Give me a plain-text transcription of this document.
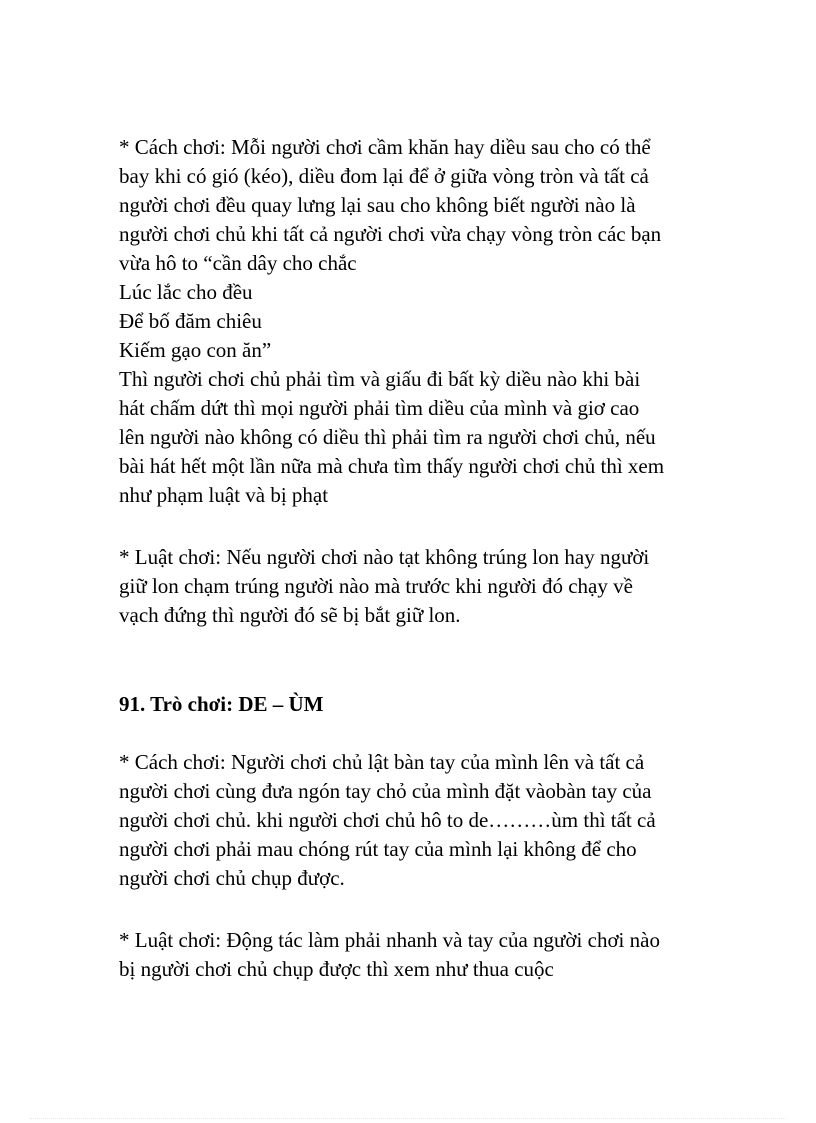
* Cách chơi: Mỗi người chơi cầm khăn hay diều sau cho có thể
bay khi có gió (kéo), diều đom lại để ở giữa vòng tròn và tất cả
người chơi đều quay lưng lại sau cho không biết người nào là
người chơi chủ khi tất cả người chơi vừa chạy vòng tròn các bạn
vừa hô to “cần dây cho chắc
Lúc lắc cho đều
Để bố đăm chiêu
Kiếm gạo con ăn”
Thì người chơi chủ phải tìm và giấu đi bất kỳ diều nào khi bài
hát chấm dứt thì mọi người phải tìm diều của mình và giơ cao
lên người nào không có diều thì phải tìm ra người chơi chủ, nếu
bài hát hết một lần nữa mà chưa tìm thấy người chơi chủ thì xem
như phạm luật và bị phạt
* Luật chơi: Nếu người chơi nào tạt không trúng lon hay người
giữ lon chạm trúng người nào mà trước khi người đó chạy về
vạch đứng thì người đó sẽ bị bắt giữ lon.
91. Trò chơi: DE – ÙM
* Cách chơi: Người chơi chủ lật bàn tay của mình lên và tất cả
người chơi cùng đưa ngón tay chỏ của mình đặt vàobàn tay của
người chơi chủ. khi người chơi chủ hô to de………ùm thì tất cả
người chơi phải mau chóng rút tay của mình lại không để cho
người chơi chủ chụp được.
* Luật chơi: Động tác làm phải nhanh và tay của người chơi nào
bị người chơi chủ chụp được thì xem như thua cuộc
